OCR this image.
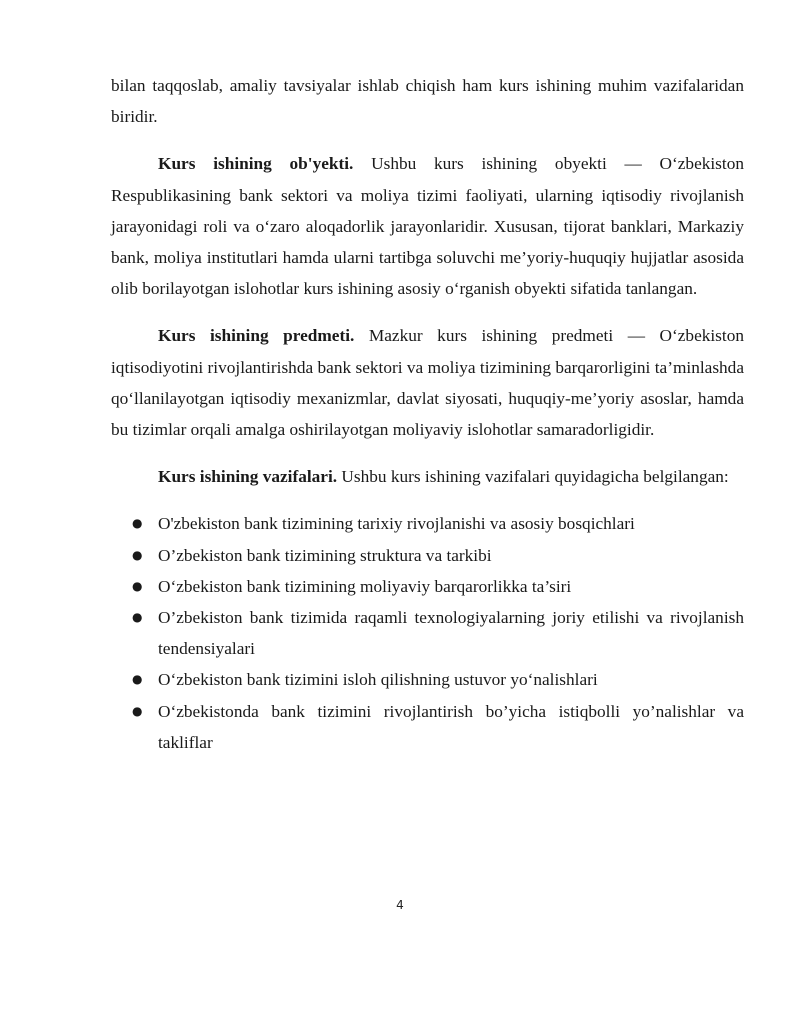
bilan taqqoslab, amaliy tavsiyalar ishlab chiqish ham kurs ishining muhim vazifalaridan biridir.

Kurs ishining ob'yekti. Ushbu kurs ishining obyekti — O‘zbekiston Respublikasining bank sektori va moliya tizimi faoliyati, ularning iqtisodiy rivojlanish jarayonidagi roli va o‘zaro aloqadorlik jarayonlaridir. Xususan, tijorat banklari, Markaziy bank, moliya institutlari hamda ularni tartibga soluvchi me’yoriy-huquqiy hujjatlar asosida olib borilayotgan islohotlar kurs ishining asosiy o‘rganish obyekti sifatida tanlangan.

Kurs ishining predmeti. Mazkur kurs ishining predmeti — O‘zbekiston iqtisodiyotini rivojlantirishda bank sektori va moliya tizimining barqarorligini ta’minlashda qo‘llanilayotgan iqtisodiy mexanizmlar, davlat siyosati, huquqiy-me’yoriy asoslar, hamda bu tizimlar orqali amalga oshirilayotgan moliyaviy islohotlar samaradorligidir.

Kurs ishining vazifalari. Ushbu kurs ishining vazifalari quyidagicha belgilangan:

● O'zbekiston bank tizimining tarixiy rivojlanishi va asosiy bosqichlari
● O’zbekiston bank tizimining struktura va tarkibi
● O‘zbekiston bank tizimining moliyaviy barqarorlikka ta’siri
● O’zbekiston bank tizimida raqamli texnologiyalarning joriy etilishi va rivojlanish tendensiyalari
● O‘zbekiston bank tizimini isloh qilishning ustuvor yo‘nalishlari
● O‘zbekistonda bank tizimini rivojlantirish bo’yicha istiqbolli yo’nalishlar va takliflar
4
